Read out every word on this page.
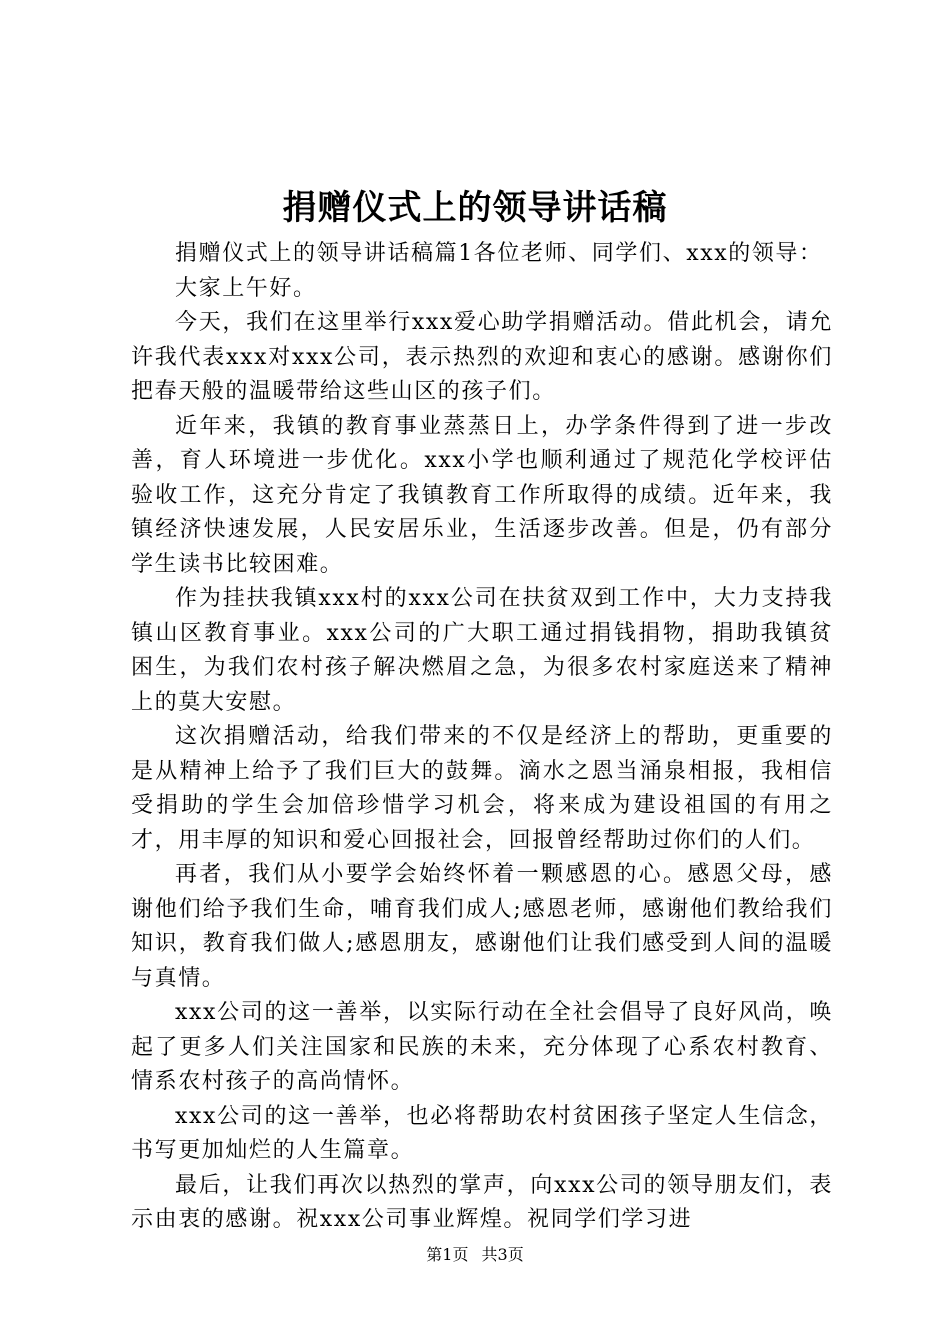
捐赠仪式上的领导讲话稿

捐赠仪式上的领导讲话稿篇1各位老师、同学们、xxx的领导：

大家上午好。

今天，我们在这里举行xxx爱心助学捐赠活动。借此机会，请允许我代表xxx对xxx公司，表示热烈的欢迎和衷心的感谢。感谢你们把春天般的温暖带给这些山区的孩子们。

近年来，我镇的教育事业蒸蒸日上，办学条件得到了进一步改善，育人环境进一步优化。xxx小学也顺利通过了规范化学校评估验收工作，这充分肯定了我镇教育工作所取得的成绩。近年来，我镇经济快速发展，人民安居乐业，生活逐步改善。但是，仍有部分学生读书比较困难。

作为挂扶我镇xxx村的xxx公司在扶贫双到工作中，大力支持我镇山区教育事业。xxx公司的广大职工通过捐钱捐物，捐助我镇贫困生，为我们农村孩子解决燃眉之急，为很多农村家庭送来了精神上的莫大安慰。

这次捐赠活动，给我们带来的不仅是经济上的帮助，更重要的是从精神上给予了我们巨大的鼓舞。滴水之恩当涌泉相报，我相信受捐助的学生会加倍珍惜学习机会，将来成为建设祖国的有用之才，用丰厚的知识和爱心回报社会，回报曾经帮助过你们的人们。

再者，我们从小要学会始终怀着一颗感恩的心。感恩父母，感谢他们给予我们生命，哺育我们成人;感恩老师，感谢他们教给我们知识，教育我们做人;感恩朋友，感谢他们让我们感受到人间的温暖与真情。

xxx公司的这一善举，以实际行动在全社会倡导了良好风尚，唤起了更多人们关注国家和民族的未来，充分体现了心系农村教育、情系农村孩子的高尚情怀。

xxx公司的这一善举，也必将帮助农村贫困孩子坚定人生信念，书写更加灿烂的人生篇章。

最后，让我们再次以热烈的掌声，向xxx公司的领导朋友们，表示由衷的感谢。祝xxx公司事业辉煌。祝同学们学习进

第1页 共3页
